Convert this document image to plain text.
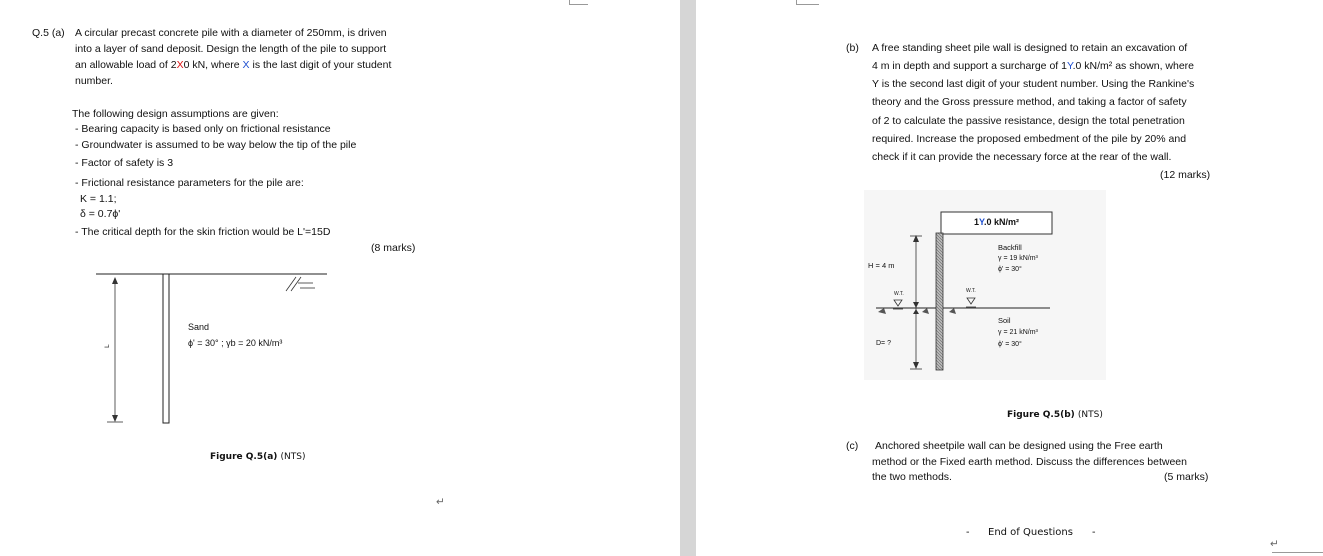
Q.5 (a) A circular precast concrete pile with a diameter of 250mm, is driven
into a layer of sand deposit. Design the length of the pile to support
an allowable load of 2X0 kN, where X is the last digit of your student
number.
The following design assumptions are given:
- Bearing capacity is based only on frictional resistance
- Groundwater is assumed to be way below the tip of the pile
- Factor of safety is 3
- Frictional resistance parameters for the pile are:
K = 1.1;
δ = 0.7ϕ'
- The critical depth for the skin friction would be L'=15D
(8 marks)
L
Sand
ϕ' = 30° ; γb = 20 kN/m³
Figure Q.5(a) (NTS)
↵
(b) A free standing sheet pile wall is designed to retain an excavation of
4 m in depth and support a surcharge of 1Y.0 kN/m² as shown, where
Y is the second last digit of your student number. Using the Rankine's
theory and the Gross pressure method, and taking a factor of safety
of 2 to calculate the passive resistance, design the total penetration
required. Increase the proposed embedment of the pile by 20% and
check if it can provide the necessary force at the rear of the wall.
(12 marks)
1Y.0 kN/m²
H = 4 m
D= ?
W.T.	W.T.
Backfill
γ = 19 kN/m³
ϕ' = 30°
Soil
γ = 21 kN/m³
ϕ' = 30°
Figure Q.5(b) (NTS)
(c) Anchored sheetpile wall can be designed using the Free earth
method or the Fixed earth method. Discuss the differences between
the two methods.	(5 marks)
- End of Questions -
↵
